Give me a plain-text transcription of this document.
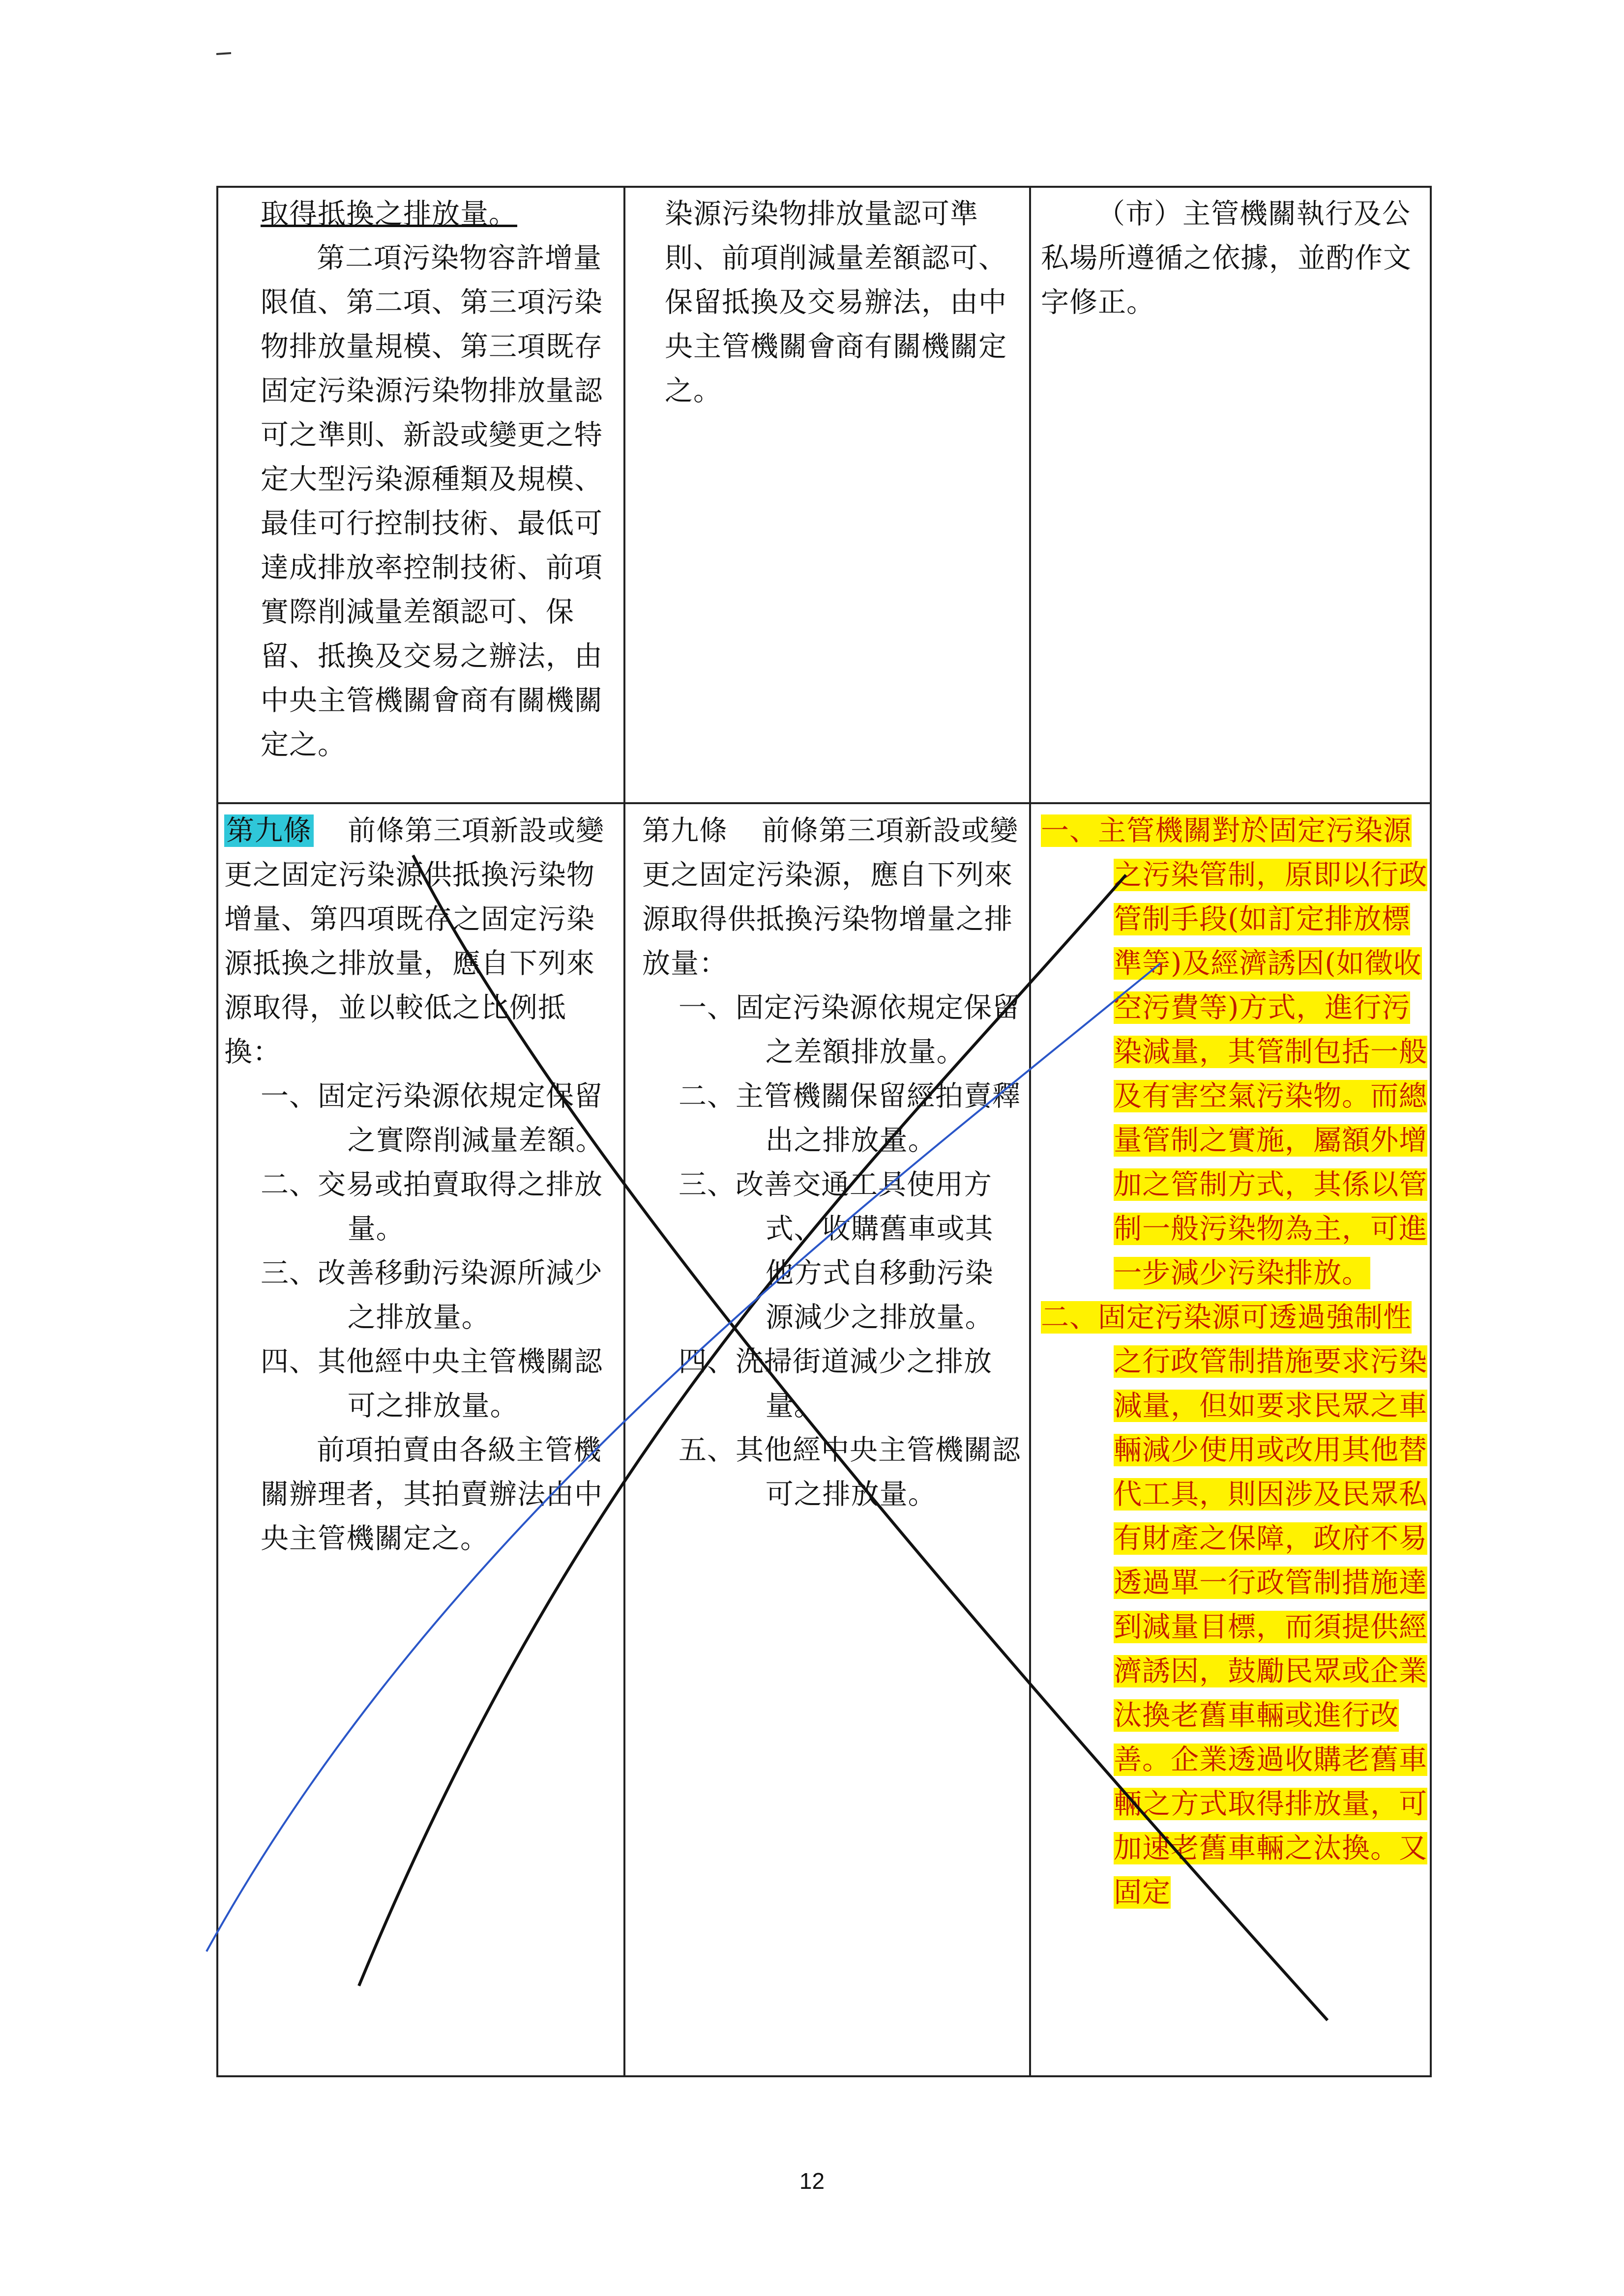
取得抵換之排放量。

第二項污染物容許增量限值、第二項、第三項污染物排放量規模、第三項既存固定污染源污染物排放量認可之準則、新設或變更之特定大型污染源種類及規模、最佳可行控制技術、最低可達成排放率控制技術、前項實際削減量差額認可、保留、抵換及交易之辦法，由中央主管機關會商有關機關定之。

染源污染物排放量認可準則、前項削減量差額認可、保留抵換及交易辦法，由中央主管機關會商有關機關定之。

（市）主管機關執行及公私場所遵循之依據，並酌作文字修正。

第九條 前條第三項新設或變更之固定污染源供抵換污染物增量、第四項既存之固定污染源抵換之排放量，應自下列來源取得，並以較低之比例抵換：

一、固定污染源依規定保留之實際削減量差額。

二、交易或拍賣取得之排放量。

三、改善移動污染源所減少之排放量。

四、其他經中央主管機關認可之排放量。

前項拍賣由各級主管機關辦理者，其拍賣辦法由中央主管機關定之。

第九條 前條第三項新設或變更之固定污染源，應自下列來源取得供抵換污染物增量之排放量：

一、固定污染源依規定保留之差額排放量。

二、主管機關保留經拍賣釋出之排放量。

三、改善交通工具使用方式、收購舊車或其他方式自移動污染源減少之排放量。

四、洗掃街道減少之排放量。

五、其他經中央主管機關認可之排放量。

一、主管機關對於固定污染源之污染管制，原即以行政管制手段(如訂定排放標準等)及經濟誘因(如徵收空污費等)方式，進行污染減量，其管制包括一般及有害空氣污染物。而總量管制之實施，屬額外增加之管制方式，其係以管制一般污染物為主，可進一步減少污染排放。

二、固定污染源可透過強制性之行政管制措施要求污染減量，但如要求民眾之車輛減少使用或改用其他替代工具，則因涉及民眾私有財產之保障，政府不易透過單一行政管制措施達到減量目標，而須提供經濟誘因，鼓勵民眾或企業汰換老舊車輛或進行改善。企業透過收購老舊車輛之方式取得排放量，可加速老舊車輛之汰換。又固定

12
